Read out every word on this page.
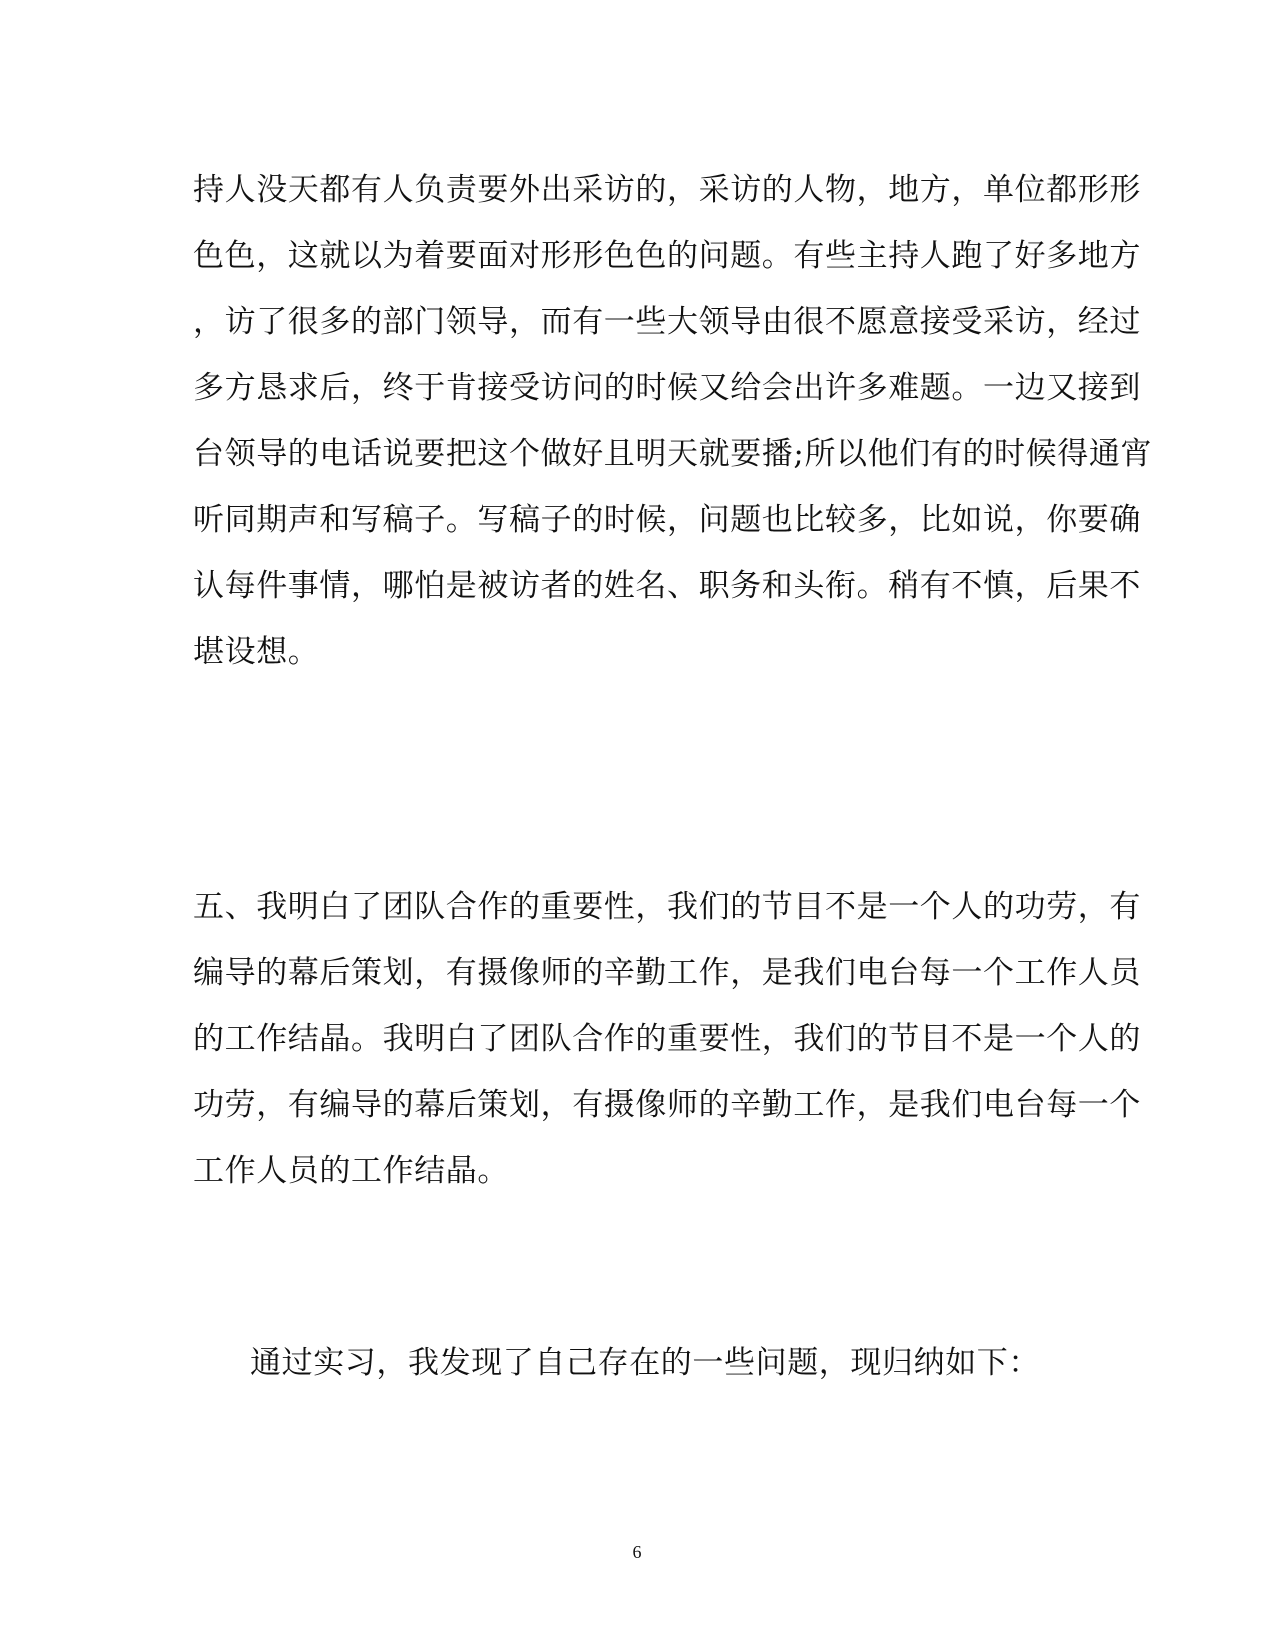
持人没天都有人负责要外出采访的，采访的人物，地方，单位都形形
色色，这就以为着要面对形形色色的问题。有些主持人跑了好多地方
，访了很多的部门领导，而有一些大领导由很不愿意接受采访，经过
多方恳求后，终于肯接受访问的时候又给会出许多难题。一边又接到
台领导的电话说要把这个做好且明天就要播;所以他们有的时候得通宵
听同期声和写稿子。写稿子的时候，问题也比较多，比如说，你要确
认每件事情，哪怕是被访者的姓名、职务和头衔。稍有不慎，后果不
堪设想。
五、我明白了团队合作的重要性，我们的节目不是一个人的功劳，有
编导的幕后策划，有摄像师的辛勤工作，是我们电台每一个工作人员
的工作结晶。我明白了团队合作的重要性，我们的节目不是一个人的
功劳，有编导的幕后策划，有摄像师的辛勤工作，是我们电台每一个
工作人员的工作结晶。
通过实习，我发现了自己存在的一些问题，现归纳如下：
6
